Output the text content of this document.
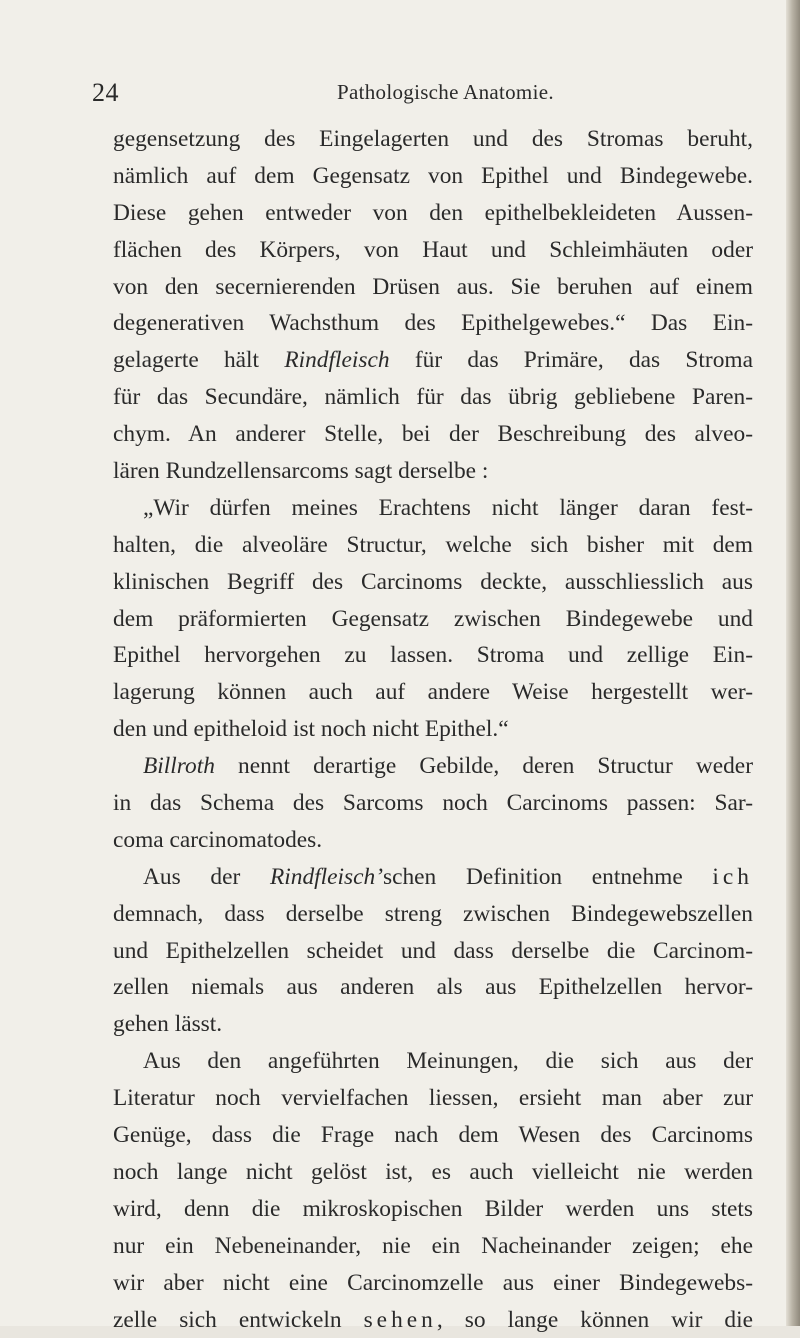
24	Pathologische Anatomie.
gegensetzung des Eingelagerten und des Stromas beruht,
nämlich auf dem Gegensatz von Epithel und Bindegewebe.
Diese gehen entweder von den epithelbekleideten Aussen-
flächen des Körpers, von Haut und Schleimhäuten oder
von den secernierenden Drüsen aus. Sie beruhen auf einem
degenerativen Wachsthum des Epithelgewebes.“ Das Ein-
gelagerte hält Rindfleisch für das Primäre, das Stroma
für das Secundäre, nämlich für das übrig gebliebene Paren-
chym. An anderer Stelle, bei der Beschreibung des alveo-
lären Rundzellensarcoms sagt derselbe :
„Wir dürfen meines Erachtens nicht länger daran fest-
halten, die alveoläre Structur, welche sich bisher mit dem
klinischen Begriff des Carcinoms deckte, ausschliesslich aus
dem präformierten Gegensatz zwischen Bindegewebe und
Epithel hervorgehen zu lassen. Stroma und zellige Ein-
lagerung können auch auf andere Weise hergestellt wer-
den und epitheloid ist noch nicht Epithel.“
Billroth nennt derartige Gebilde, deren Structur weder
in das Schema des Sarcoms noch Carcinoms passen: Sar-
coma carcinomatodes.
Aus der Rindfleisch’schen Definition entnehme ich
demnach, dass derselbe streng zwischen Bindegewebszellen
und Epithelzellen scheidet und dass derselbe die Carcinom-
zellen niemals aus anderen als aus Epithelzellen hervor-
gehen lässt.
Aus den angeführten Meinungen, die sich aus der
Literatur noch vervielfachen liessen, ersieht man aber zur
Genüge, dass die Frage nach dem Wesen des Carcinoms
noch lange nicht gelöst ist, es auch vielleicht nie werden
wird, denn die mikroskopischen Bilder werden uns stets
nur ein Nebeneinander, nie ein Nacheinander zeigen; ehe
wir aber nicht eine Carcinomzelle aus einer Bindegewebs-
zelle sich entwickeln sehen, so lange können wir die
